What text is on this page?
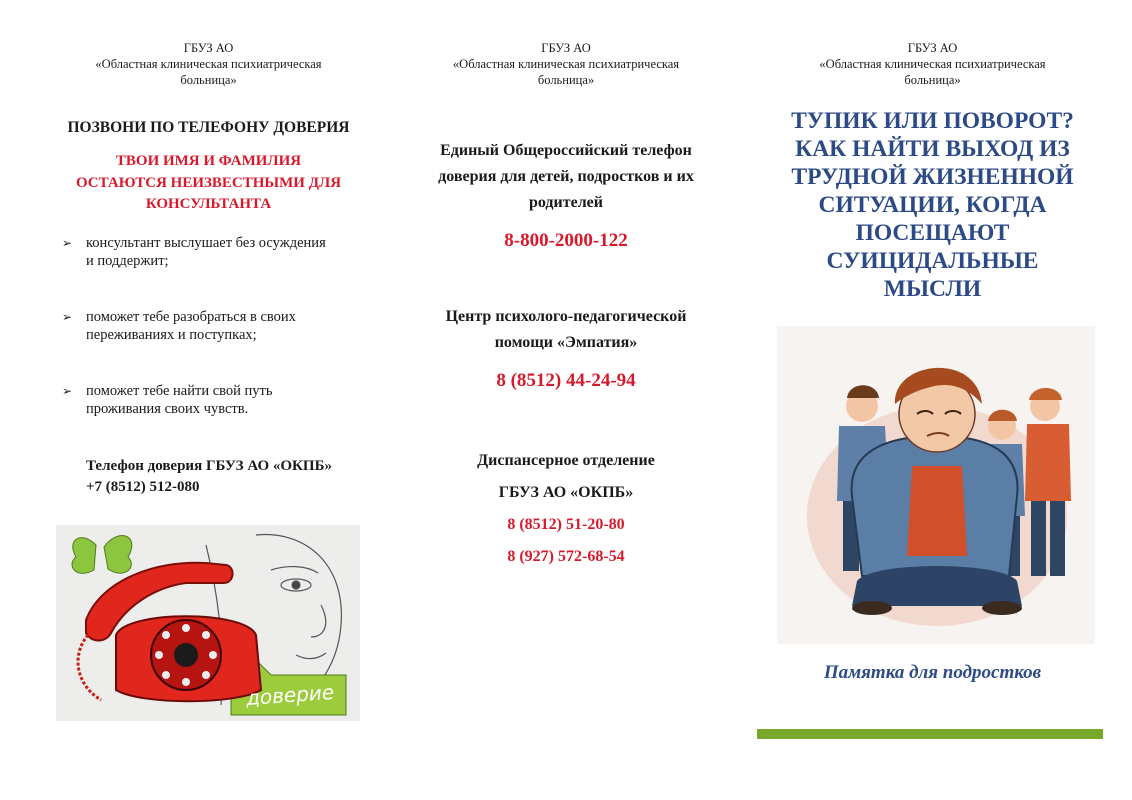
ГБУЗ АО
«Областная клиническая психиатрическая
больница»
ПОЗВОНИ ПО ТЕЛЕФОНУ ДОВЕРИЯ
ТВОИ ИМЯ И ФАМИЛИЯ
ОСТАЮТСЯ НЕИЗВЕСТНЫМИ ДЛЯ
КОНСУЛЬТАНТА
➢ консультант выслушает без осуждения
и поддержит;
➢ поможет тебе разобраться в своих
переживаниях и поступках;
➢ поможет тебе найти свой путь
проживания своих чувств.
Телефон доверия ГБУЗ АО «ОКПБ»
+7 (8512) 512-080
доверие
ГБУЗ АО
«Областная клиническая психиатрическая
больница»
Единый Общероссийский телефон
доверия для детей, подростков и их
родителей
8-800-2000-122
Центр психолого-педагогической
помощи «Эмпатия»
8 (8512) 44-24-94
Диспансерное отделение
ГБУЗ АО «ОКПБ»
8 (8512) 51-20-80
8 (927) 572-68-54
ГБУЗ АО
«Областная клиническая психиатрическая
больница»
ТУПИК ИЛИ ПОВОРОТ?
КАК НАЙТИ ВЫХОД ИЗ
ТРУДНОЙ ЖИЗНЕННОЙ
СИТУАЦИИ, КОГДА
ПОСЕЩАЮТ
СУИЦИДАЛЬНЫЕ
МЫСЛИ
Памятка для подростков
